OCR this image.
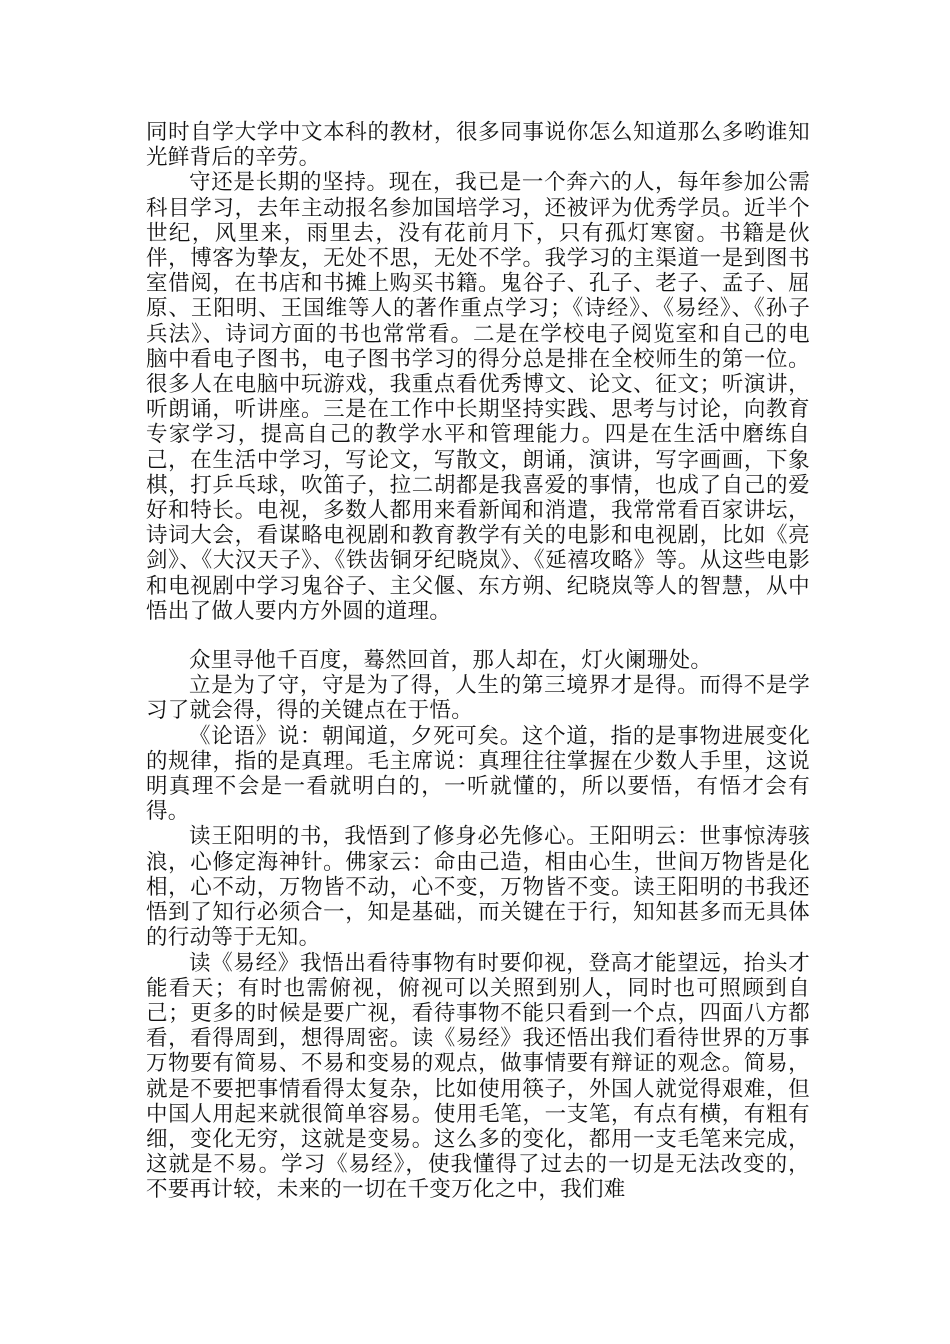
同时自学大学中文本科的教材，很多同事说你怎么知道那么多哟谁知光鲜背后的辛劳。

守还是长期的坚持。现在，我已是一个奔六的人，每年参加公需科目学习，去年主动报名参加国培学习，还被评为优秀学员。近半个世纪，风里来，雨里去，没有花前月下，只有孤灯寒窗。书籍是伙伴，博客为挚友，无处不思，无处不学。我学习的主渠道一是到图书室借阅，在书店和书摊上购买书籍。鬼谷子、孔子、老子、孟子、屈原、王阳明、王国维等人的著作重点学习；《诗经》、《易经》、《孙子兵法》、诗词方面的书也常常看。二是在学校电子阅览室和自己的电脑中看电子图书，电子图书学习的得分总是排在全校师生的第一位。很多人在电脑中玩游戏，我重点看优秀博文、论文、征文；听演讲，听朗诵，听讲座。三是在工作中长期坚持实践、思考与讨论，向教育专家学习，提高自己的教学水平和管理能力。四是在生活中磨练自己，在生活中学习，写论文，写散文，朗诵，演讲，写字画画，下象棋，打乒乓球，吹笛子，拉二胡都是我喜爱的事情，也成了自己的爱好和特长。电视，多数人都用来看新闻和消遣，我常常看百家讲坛，诗词大会，看谋略电视剧和教育教学有关的电影和电视剧，比如《亮剑》、《大汉天子》、《铁齿铜牙纪晓岚》、《延禧攻略》等。从这些电影和电视剧中学习鬼谷子、主父偃、东方朔、纪晓岚等人的智慧，从中悟出了做人要内方外圆的道理。

众里寻他千百度，蓦然回首，那人却在，灯火阑珊处。

立是为了守，守是为了得，人生的第三境界才是得。而得不是学习了就会得，得的关键点在于悟。

《论语》说：朝闻道，夕死可矣。这个道，指的是事物进展变化的规律，指的是真理。毛主席说：真理往往掌握在少数人手里，这说明真理不会是一看就明白的，一听就懂的，所以要悟，有悟才会有得。

读王阳明的书，我悟到了修身必先修心。王阳明云：世事惊涛骇浪，心修定海神针。佛家云：命由己造，相由心生，世间万物皆是化相，心不动，万物皆不动，心不变，万物皆不变。读王阳明的书我还悟到了知行必须合一，知是基础，而关键在于行，知知甚多而无具体的行动等于无知。

读《易经》我悟出看待事物有时要仰视，登高才能望远，抬头才能看天；有时也需俯视，俯视可以关照到别人，同时也可照顾到自己；更多的时候是要广视，看待事物不能只看到一个点，四面八方都看，看得周到，想得周密。读《易经》我还悟出我们看待世界的万事万物要有简易、不易和变易的观点，做事情要有辩证的观念。简易，就是不要把事情看得太复杂，比如使用筷子，外国人就觉得艰难，但中国人用起来就很简单容易。使用毛笔，一支笔，有点有横，有粗有细，变化无穷，这就是变易。这么多的变化，都用一支毛笔来完成，这就是不易。学习《易经》，使我懂得了过去的一切是无法改变的，不要再计较，未来的一切在千变万化之中，我们难
